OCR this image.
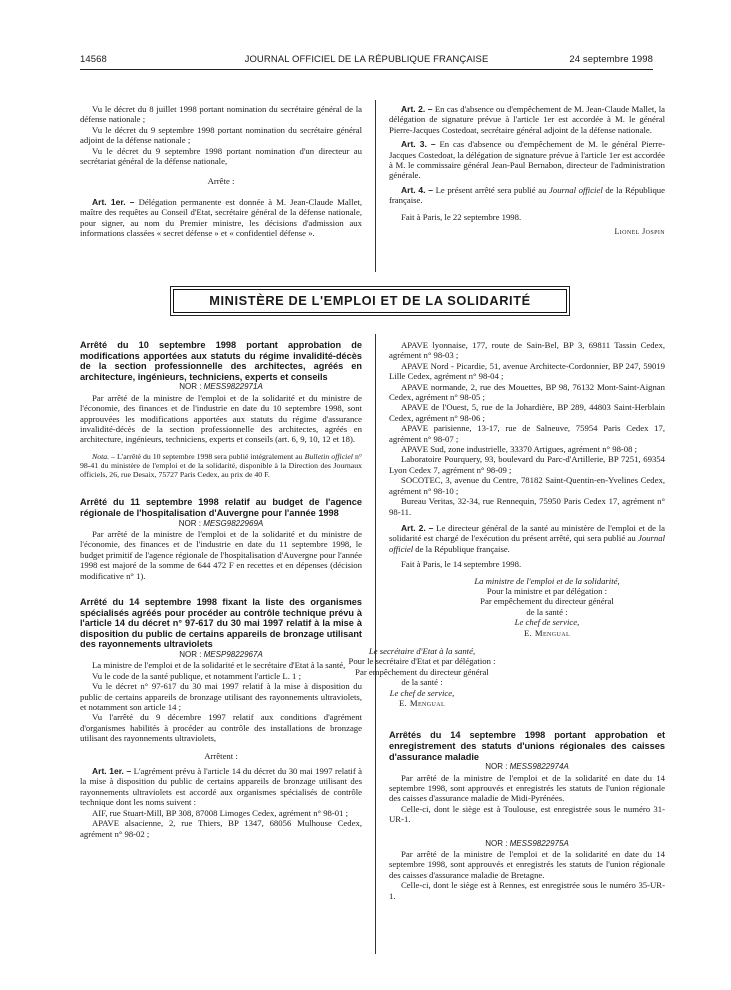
14568	JOURNAL OFFICIEL DE LA RÉPUBLIQUE FRANÇAISE	24 septembre 1998

Vu le décret du 8 juillet 1998 portant nomination du secrétaire général de la défense nationale ;

Vu le décret du 9 septembre 1998 portant nomination du secrétaire général adjoint de la défense nationale ;

Vu le décret du 9 septembre 1998 portant nomination d'un directeur au secrétariat général de la défense nationale,

Arrête :

Art. 1er. – Délégation permanente est donnée à M. Jean-Claude Mallet, maître des requêtes au Conseil d'Etat, secrétaire général de la défense nationale, pour signer, au nom du Premier ministre, les décisions d'admission aux informations classées « secret défense » et « confidentiel défense ».

Art. 2. – En cas d'absence ou d'empêchement de M. Jean-Claude Mallet, la délégation de signature prévue à l'article 1er est accordée à M. le général Pierre-Jacques Costedoat, secrétaire général adjoint de la défense nationale.

Art. 3. – En cas d'absence ou d'empêchement de M. le général Pierre-Jacques Costedoat, la délégation de signature prévue à l'article 1er est accordée à M. le commissaire général Jean-Paul Bernabon, directeur de l'administration générale.

Art. 4. – Le présent arrêté sera publié au Journal officiel de la République française.

Fait à Paris, le 22 septembre 1998.

Lionel Jospin

MINISTÈRE DE L'EMPLOI ET DE LA SOLIDARITÉ

Arrêté du 10 septembre 1998 portant approbation de modifications apportées aux statuts du régime invalidité-décès de la section professionnelle des architectes, agréés en architecture, ingénieurs, techniciens, experts et conseils

NOR : MESS9822971A

Par arrêté de la ministre de l'emploi et de la solidarité et du ministre de l'économie, des finances et de l'industrie en date du 10 septembre 1998, sont approuvées les modifications apportées aux statuts du régime d'assurance invalidité-décès de la section professionnelle des architectes, agréés en architecture, ingénieurs, techniciens, experts et conseils (art. 6, 9, 10, 12 et 18).

Nota. – L'arrêté du 10 septembre 1998 sera publié intégralement au Bulletin officiel n° 98-41 du ministère de l'emploi et de la solidarité, disponible à la Direction des Journaux officiels, 26, rue Desaix, 75727 Paris Cedex, au prix de 40 F.

Arrêté du 11 septembre 1998 relatif au budget de l'agence régionale de l'hospitalisation d'Auvergne pour l'année 1998

NOR : MESG9822969A

Par arrêté de la ministre de l'emploi et de la solidarité et du ministre de l'économie, des finances et de l'industrie en date du 11 septembre 1998, le budget primitif de l'agence régionale de l'hospitalisation d'Auvergne pour l'année 1998 est majoré de la somme de 644 472 F en recettes et en dépenses (décision modificative n° 1).

Arrêté du 14 septembre 1998 fixant la liste des organismes spécialisés agréés pour procéder au contrôle technique prévu à l'article 14 du décret n° 97-617 du 30 mai 1997 relatif à la mise à disposition du public de certains appareils de bronzage utilisant des rayonnements ultraviolets

NOR : MESP9822967A

La ministre de l'emploi et de la solidarité et le secrétaire d'Etat à la santé,

Vu le code de la santé publique, et notamment l'article L. 1 ;

Vu le décret n° 97-617 du 30 mai 1997 relatif à la mise à disposition du public de certains appareils de bronzage utilisant des rayonnements ultraviolets, et notamment son article 14 ;

Vu l'arrêté du 9 décembre 1997 relatif aux conditions d'agrément d'organismes habilités à procéder au contrôle des installations de bronzage utilisant des rayonnements ultraviolets,

Arrêtent :

Art. 1er. – L'agrément prévu à l'article 14 du décret du 30 mai 1997 relatif à la mise à disposition du public de certains appareils de bronzage utilisant des rayonnements ultraviolets est accordé aux organismes spécialisés de contrôle technique dont les noms suivent :

AIF, rue Stuart-Mill, BP 308, 87008 Limoges Cedex, agrément n° 98-01 ;

APAVE alsacienne, 2, rue Thiers, BP 1347, 68056 Mulhouse Cedex, agrément n° 98-02 ;

APAVE lyonnaise, 177, route de Sain-Bel, BP 3, 69811 Tassin Cedex, agrément n° 98-03 ;

APAVE Nord - Picardie, 51, avenue Architecte-Cordonnier, BP 247, 59019 Lille Cedex, agrément n° 98-04 ;

APAVE normande, 2, rue des Mouettes, BP 98, 76132 Mont-Saint-Aignan Cedex, agrément n° 98-05 ;

APAVE de l'Ouest, 5, rue de la Johardière, BP 289, 44803 Saint-Herblain Cedex, agrément n° 98-06 ;

APAVE parisienne, 13-17, rue de Salneuve, 75954 Paris Cedex 17, agrément n° 98-07 ;

APAVE Sud, zone industrielle, 33370 Artigues, agrément n° 98-08 ;

Laboratoire Pourquery, 93, boulevard du Parc-d'Artillerie, BP 7251, 69354 Lyon Cedex 7, agrément n° 98-09 ;

SOCOTEC, 3, avenue du Centre, 78182 Saint-Quentin-en-Yvelines Cedex, agrément n° 98-10 ;

Bureau Veritas, 32-34, rue Rennequin, 75950 Paris Cedex 17, agrément n° 98-11.

Art. 2. – Le directeur général de la santé au ministère de l'emploi et de la solidarité est chargé de l'exécution du présent arrêté, qui sera publié au Journal officiel de la République française.

Fait à Paris, le 14 septembre 1998.

La ministre de l'emploi et de la solidarité,

Pour la ministre et par délégation :

Par empêchement du directeur général

de la santé :

Le chef de service,

E. Mengual

Le secrétaire d'Etat à la santé,

Pour le secrétaire d'Etat et par délégation :

Par empêchement du directeur général

de la santé :

Le chef de service,

E. Mengual

Arrêtés du 14 septembre 1998 portant approbation et enregistrement des statuts d'unions régionales des caisses d'assurance maladie

NOR : MESS9822974A

Par arrêté de la ministre de l'emploi et de la solidarité en date du 14 septembre 1998, sont approuvés et enregistrés les statuts de l'union régionale des caisses d'assurance maladie de Midi-Pyrénées.

Celle-ci, dont le siège est à Toulouse, est enregistrée sous le numéro 31-UR-1.

NOR : MESS9822975A

Par arrêté de la ministre de l'emploi et de la solidarité en date du 14 septembre 1998, sont approuvés et enregistrés les statuts de l'union régionale des caisses d'assurance maladie de Bretagne.

Celle-ci, dont le siège est à Rennes, est enregistrée sous le numéro 35-UR-1.
